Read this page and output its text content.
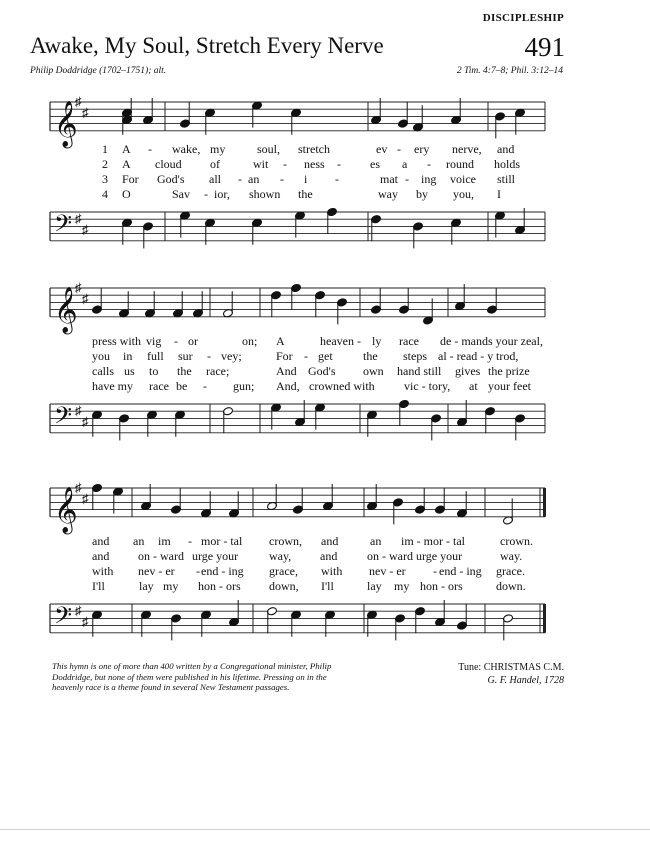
DISCIPLESHIP
Awake, My Soul, Stretch Every Nerve	491
Philip Doddridge (1702–1751); alt.	2 Tim. 4:7–8; Phil. 3:12–14
𝄞
♯
♯
1
2
3
4
A - wake, my	soul, stretch	ev - ery nerve, and
A cloud of	wit - ness - es a - round holds
For God's all - an - i -	mat - ing voice still
O	Sav - ior, shown the	way by you, I
𝄢 ♯
♯
𝄞
♯
♯
press with vig - or	on; A	heaven - ly race de - mands your zeal,
you in full sur - vey;	For - get	the steps al - read - y trod,
calls us to the race;	And God's own hand still gives the prize
have my race be - gun; And, crowned with vic - tory, at your feet
𝄢 ♯
♯
𝄞
♯
♯
and an im - mor - tal crown, and	an im - mor - tal	crown.
and on - ward urge your	way, and on - ward urge your	way.
with nev - er - end - ing grace, with nev - er - end - ing grace.
I'll	lay my hon - ors down, I'll	lay my hon - ors	down.
𝄢 ♯
♯
This hymn is one of more than 400 written by a Congregational minister, Philip Doddridge, but none of them were published in his lifetime. Pressing on in the heavenly race is a theme found in several New Testament passages.
Tune: CHRISTMAS C.M.
G. F. Handel, 1728
